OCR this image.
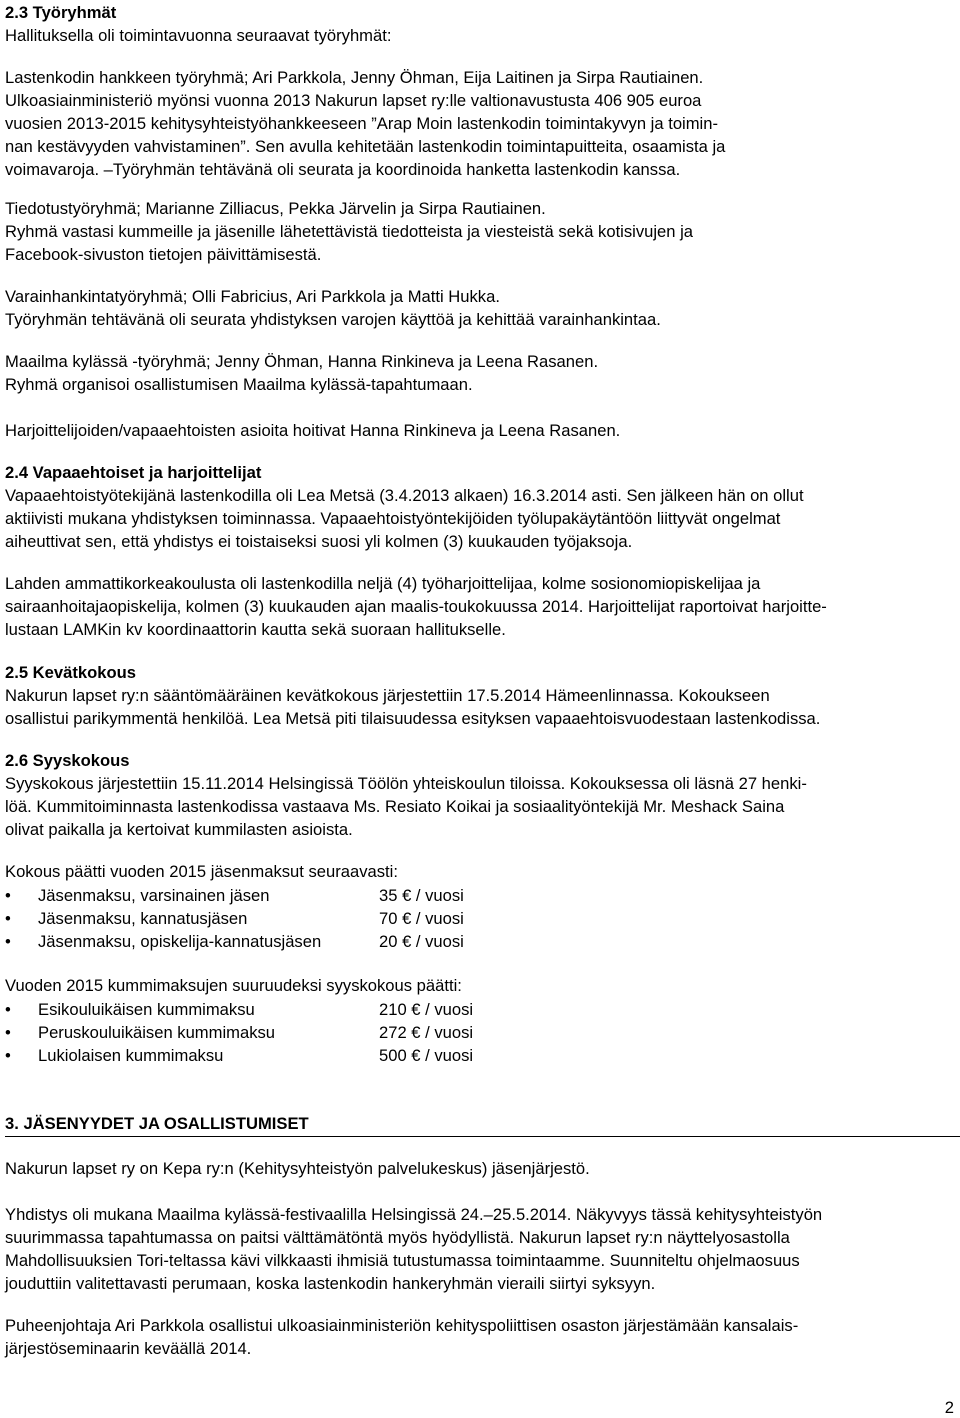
2.3 Työryhmät
Hallituksella oli toimintavuonna seuraavat työryhmät:
Lastenkodin hankkeen työryhmä; Ari Parkkola, Jenny Öhman, Eija Laitinen ja Sirpa Rautiainen.
Ulkoasiainministeriö myönsi vuonna 2013 Nakurun lapset ry:lle valtionavustusta 406 905 euroa
vuosien 2013-2015 kehitysyhteistyöhankkeeseen ”Arap Moin lastenkodin toimintakyvyn ja toimin-
nan kestävyyden vahvistaminen”. Sen avulla kehitetään lastenkodin toimintapuitteita, osaamista ja
voimavaroja. –Työryhmän tehtävänä oli seurata ja koordinoida hanketta lastenkodin kanssa.
Tiedotustyöryhmä; Marianne Zilliacus, Pekka Järvelin ja Sirpa Rautiainen.
Ryhmä vastasi kummeille ja jäsenille lähetettävistä tiedotteista ja viesteistä sekä kotisivujen ja
Facebook-sivuston tietojen päivittämisestä.
Varainhankintatyöryhmä; Olli Fabricius, Ari Parkkola ja Matti Hukka.
Työryhmän tehtävänä oli seurata yhdistyksen varojen käyttöä ja kehittää varainhankintaa.
Maailma kylässä -työryhmä; Jenny Öhman, Hanna Rinkineva ja Leena Rasanen.
Ryhmä organisoi osallistumisen Maailma kylässä-tapahtumaan.
Harjoittelijoiden/vapaaehtoisten asioita hoitivat Hanna Rinkineva ja Leena Rasanen.
2.4 Vapaaehtoiset ja harjoittelijat
Vapaaehtoistyötekijänä lastenkodilla oli Lea Metsä (3.4.2013 alkaen) 16.3.2014 asti. Sen jälkeen hän on ollut
aktiivisti mukana yhdistyksen toiminnassa. Vapaaehtoistyöntekijöiden työlupakäytäntöön liittyvät ongelmat
aiheuttivat sen, että yhdistys ei toistaiseksi suosi yli kolmen (3) kuukauden työjaksoja.
Lahden ammattikorkeakoulusta oli lastenkodilla neljä (4) työharjoittelijaa, kolme sosionomiopiskelijaa ja
sairaanhoitajaopiskelija, kolmen (3) kuukauden ajan maalis-toukokuussa 2014. Harjoittelijat raportoivat harjoitte-
lustaan LAMKin kv koordinaattorin kautta sekä suoraan hallitukselle.
2.5 Kevätkokous
Nakurun lapset ry:n sääntömääräinen kevätkokous järjestettiin 17.5.2014 Hämeenlinnassa. Kokoukseen
osallistui parikymmentä henkilöä. Lea Metsä piti tilaisuudessa esityksen vapaaehtoisvuodestaan lastenkodissa.
2.6 Syyskokous
Syyskokous järjestettiin 15.11.2014 Helsingissä Töölön yhteiskoulun tiloissa. Kokouksessa oli läsnä 27 henki-
löä. Kummitoiminnasta lastenkodissa vastaava Ms. Resiato Koikai ja sosiaalityöntekijä Mr. Meshack Saina
olivat paikalla ja kertoivat kummilasten asioista.
Kokous päätti vuoden 2015 jäsenmaksut seuraavasti:
• Jäsenmaksu, varsinainen jäsen	35 € / vuosi
• Jäsenmaksu, kannatusjäsen	70 € / vuosi
• Jäsenmaksu, opiskelija-kannatusjäsen	20 € / vuosi
Vuoden 2015 kummimaksujen suuruudeksi syyskokous päätti:
• Esikouluikäisen kummimaksu	210 € / vuosi
• Peruskouluikäisen kummimaksu	272 € / vuosi
• Lukiolaisen kummimaksu	500 € / vuosi
3. JÄSENYYDET JA OSALLISTUMISET
Nakurun lapset ry on Kepa ry:n (Kehitysyhteistyön palvelukeskus) jäsenjärjestö.
Yhdistys oli mukana Maailma kylässä-festivaalilla Helsingissä 24.–25.5.2014. Näkyvyys tässä kehitysyhteistyön
suurimmassa tapahtumassa on paitsi välttämätöntä myös hyödyllistä. Nakurun lapset ry:n näyttelyosastolla
Mahdollisuuksien Tori-teltassa kävi vilkkaasti ihmisiä tutustumassa toimintaamme. Suunniteltu ohjelmaosuus
jouduttiin valitettavasti perumaan, koska lastenkodin hankeryhmän vieraili siirtyi syksyyn.
Puheenjohtaja Ari Parkkola osallistui ulkoasiainministeriön kehityspoliittisen osaston järjestämään kansalais-
järjestöseminaarin keväällä 2014.
2
